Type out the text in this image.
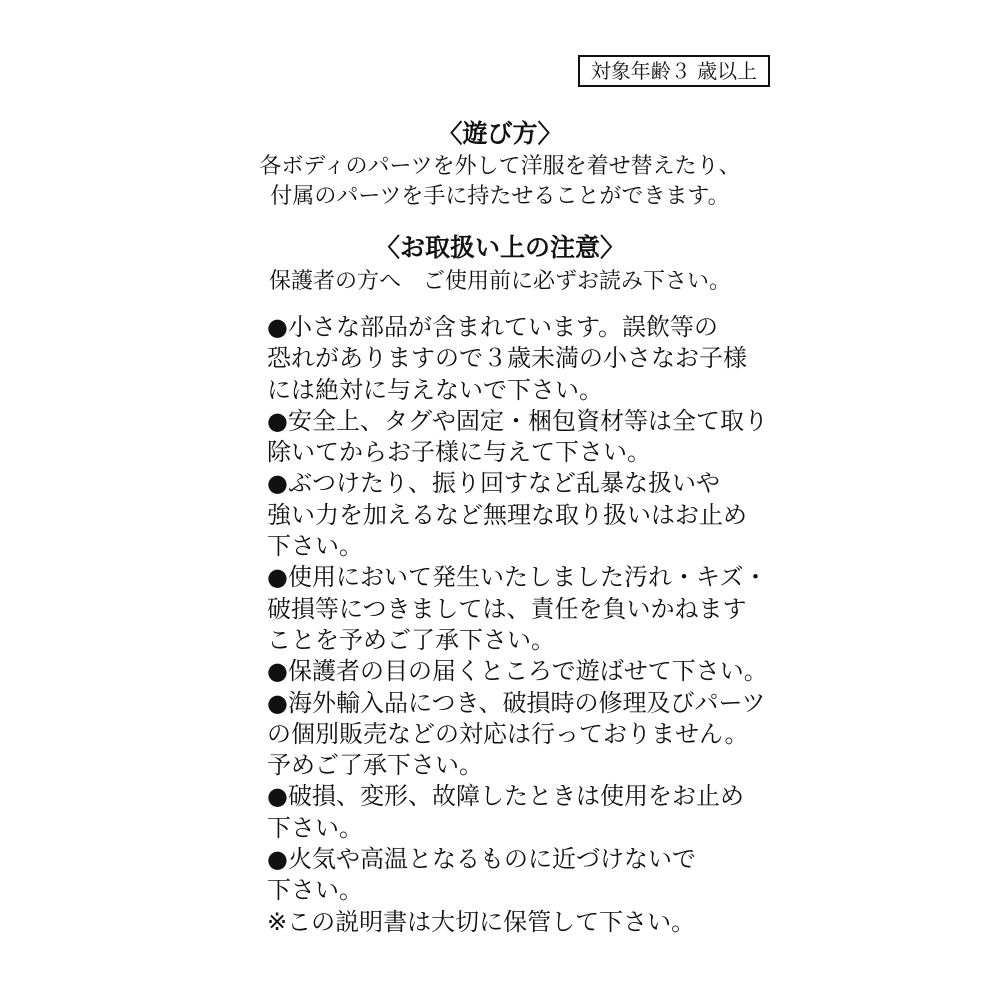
対象年齢３ 歳以上
〈遊び方〉
各ボディのパーツを外して洋服を着せ替えたり、
付属のパーツを手に持たせることができます。
〈お取扱い上の注意〉
保護者の方へ　ご使用前に必ずお読み下さい。
●小さな部品が含まれています。誤飲等の
恐れがありますので３歳未満の小さなお子様
には絶対に与えないで下さい。
●安全上、タグや固定・梱包資材等は全て取り
除いてからお子様に与えて下さい。
●ぶつけたり、振り回すなど乱暴な扱いや
強い力を加えるなど無理な取り扱いはお止め
下さい。
●使用において発生いたしました汚れ・キズ・
破損等につきましては、責任を負いかねます
ことを予めご了承下さい。
●保護者の目の届くところで遊ばせて下さい。
●海外輸入品につき、破損時の修理及びパーツ
の個別販売などの対応は行っておりません。
予めご了承下さい。
●破損、変形、故障したときは使用をお止め
下さい。
●火気や高温となるものに近づけないで
下さい。
※この説明書は大切に保管して下さい。
